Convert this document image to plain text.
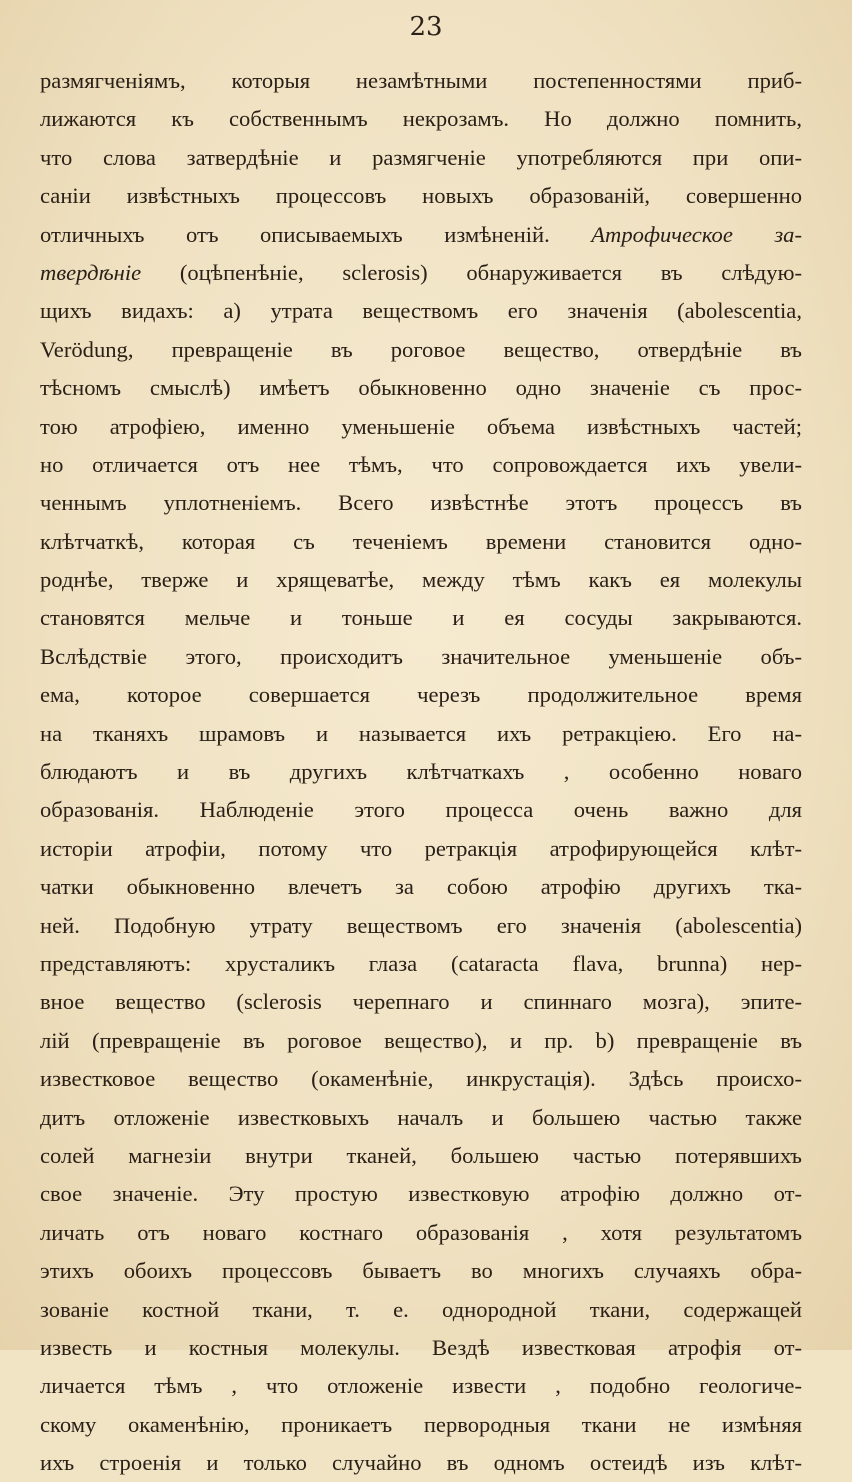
23
размягченіямъ, которыя незамѣтными постепенностями приб-
лижаются къ собственнымъ некрозамъ. Но должно помнить,
что слова затвердѣніе и размягченіе употребляются при опи-
саніи извѣстныхъ процессовъ новыхъ образованій, совершенно
отличныхъ отъ описываемыхъ измѣненій. Атрофическое за-
твердѣніе (оцѣпенѣніе, sclerosis) обнаруживается въ слѣдую-
щихъ видахъ: a) утрата веществомъ его значенія (abolescentia,
Verödung, превращеніе въ роговое вещество, отвердѣніе въ
тѣсномъ смыслѣ) имѣетъ обыкновенно одно значеніе съ прос-
тою атрофіею, именно уменьшеніе объема извѣстныхъ частей;
но отличается отъ нее тѣмъ, что сопровождается ихъ увели-
ченнымъ уплотненіемъ. Всего извѣстнѣе этотъ процессъ въ
клѣтчаткѣ, которая съ теченіемъ времени становится одно-
роднѣе, тверже и хрящеватѣе, между тѣмъ какъ ея молекулы
становятся мельче и тоньше и ея сосуды закрываются.
Вслѣдствіе этого, происходитъ значительное уменьшеніе объ-
ема, которое совершается черезъ продолжительное время
на тканяхъ шрамовъ и называется ихъ ретракціею. Его на-
блюдаютъ и въ другихъ клѣтчаткахъ , особенно новаго
образованія. Наблюденіе этого процесса очень важно для
исторіи атрофіи, потому что ретракція атрофирующейся клѣт-
чатки обыкновенно влечетъ за собою атрофію другихъ тка-
ней. Подобную утрату веществомъ его значенія (abolescentia)
представляютъ: хрусталикъ глаза (cataracta flava, brunna) нер-
вное вещество (sclerosis черепнаго и спиннаго мозга), эпите-
лій (превращеніе въ роговое вещество), и пр. b) превращеніе въ
известковое вещество (окаменѣніе, инкрустація). Здѣсь происхо-
дитъ отложеніе известковыхъ началъ и большею частью также
солей магнезіи внутри тканей, большею частью потерявшихъ
свое значеніе. Эту простую известковую атрофію должно от-
личать отъ новаго костнаго образованія , хотя результатомъ
этихъ обоихъ процессовъ бываетъ во многихъ случаяхъ обра-
зованіе костной ткани, т. е. однородной ткани, содержащей
известь и костныя молекулы. Вездѣ известковая атрофія от-
личается тѣмъ , что отложеніе извести , подобно геологиче-
скому окаменѣнію, проникаетъ первородныя ткани не измѣняя
ихъ строенія и только случайно въ одномъ остеидѣ изъ клѣт-
